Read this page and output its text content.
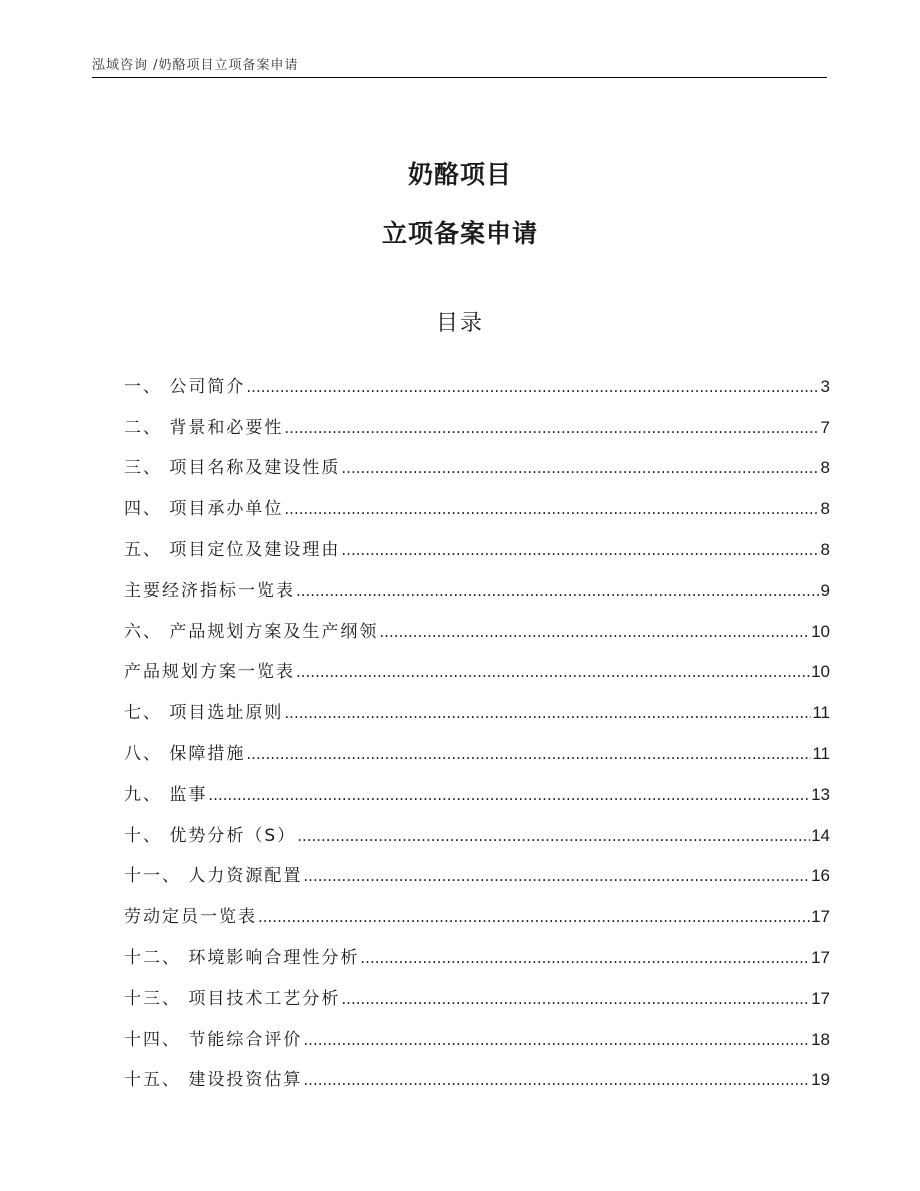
泓域咨询 /奶酪项目立项备案申请
奶酪项目
立项备案申请
目录
一、 公司简介 .....	3
二、 背景和必要性 .....	7
三、 项目名称及建设性质 .....	8
四、 项目承办单位 .....	8
五、 项目定位及建设理由 .....	8
主要经济指标一览表 .....	9
六、 产品规划方案及生产纲领 .....	10
产品规划方案一览表 .....	10
七、 项目选址原则 .....	11
八、 保障措施 .....	11
九、 监事 .....	13
十、 优势分析（S） .....	14
十一、 人力资源配置 .....	16
劳动定员一览表 .....	17
十二、 环境影响合理性分析 .....	17
十三、 项目技术工艺分析 .....	17
十四、 节能综合评价 .....	18
十五、 建设投资估算 .....	19
